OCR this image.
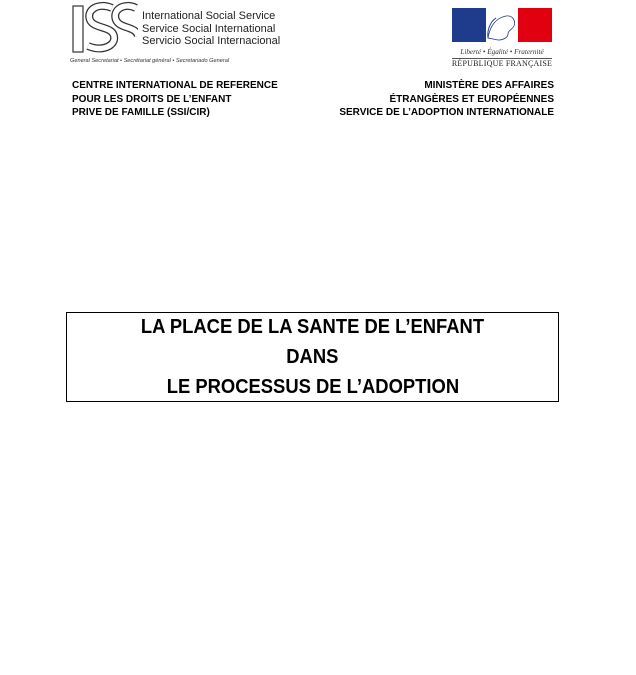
International Social Service
Service Social International
Servicio Social Internacional
General Secretariat • Secrétariat général • Secretariado General
Liberté • Égalité • Fraternité
RÉPUBLIQUE FRANÇAISE
CENTRE INTERNATIONAL DE REFERENCE
POUR LES DROITS DE L’ENFANT
PRIVE DE FAMILLE (SSI/CIR)
MINISTÈRE DES AFFAIRES
ÉTRANGÈRES ET EUROPÉENNES
SERVICE DE L’ADOPTION INTERNATIONALE
LA PLACE DE LA SANTE DE L’ENFANT
DANS
LE PROCESSUS DE L’ADOPTION
